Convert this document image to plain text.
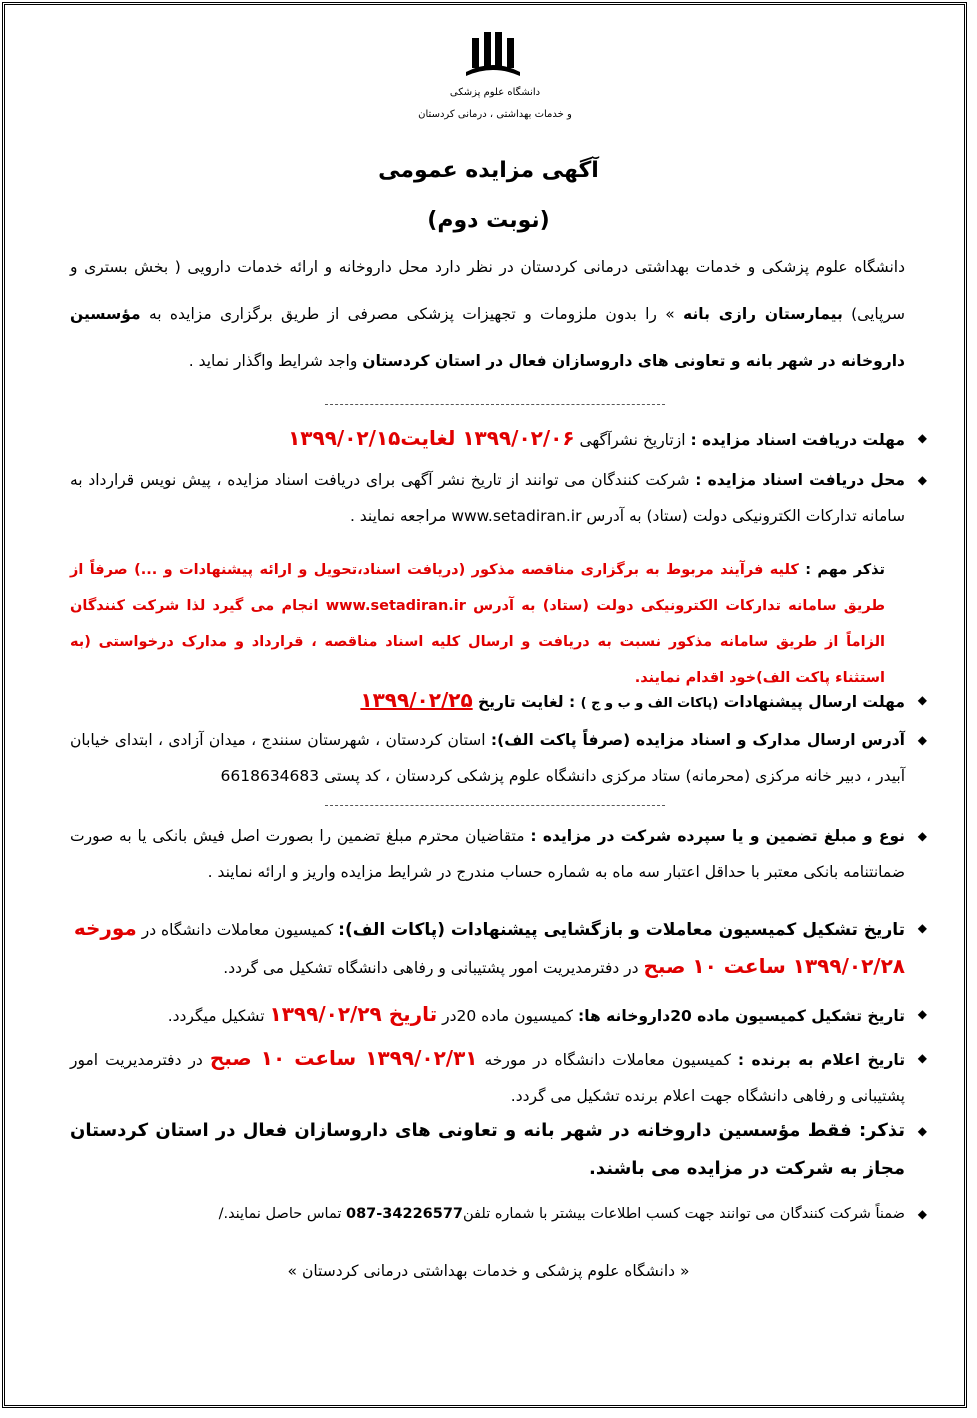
دانشگاه علوم پزشکی
و خدمات بهداشتی ، درمانی کردستان
آگهی مزایده عمومی
(نوبت دوم)
دانشگاه علوم پزشکی و خدمات بهداشتی درمانی کردستان در نظر دارد محل داروخانه و ارائه خدمات دارویی ( بخش بستری و سرپایی) بیمارستان رازی بانه » را بدون ملزومات و تجهیزات پزشکی مصرفی از طریق برگزاری مزایده به مؤسسین داروخانه در شهر بانه و تعاونی های داروسازان فعال در استان کردستان واجد شرایط واگذار نماید .
◆
مهلت دریافت اسناد مزایده : ازتاریخ نشرآگهی ۱۳۹۹/۰۲/۰۶ لغایت۱۳۹۹/۰۲/۱۵
◆
محل دریافت اسناد مزایده : شرکت کنندگان می توانند از تاریخ نشر آگهی برای دریافت اسناد مزایده ، پیش نویس قرارداد به سامانه تدارکات الکترونیکی دولت (ستاد) به آدرس www.setadiran.ir مراجعه نمایند .
تذکر مهم : کلیه فرآیند مربوط به برگزاری مناقصه مذکور (دریافت اسناد،تحویل و ارائه پیشنهادات و ...) صرفاً از طریق سامانه تدارکات الکترونیکی دولت (ستاد) به آدرس www.setadiran.ir انجام می گیرد لذا شرکت کنندگان الزاماً از طریق سامانه مذکور نسبت به دریافت و ارسال کلیه اسناد مناقصه ، قرارداد و مدارک درخواستی (به استثناء پاکت الف)خود اقدام نمایند.
◆
مهلت ارسال پیشنهادات (پاکات الف و ب و ج ) : لغایت تاریخ ۱۳۹۹/۰۲/۲۵
◆
آدرس ارسال مدارک و اسناد مزایده (صرفاً پاکت الف): استان کردستان ، شهرستان سنندج ، میدان آزادی ، ابتدای خیابان آبیدر ، دبیر خانه مرکزی (محرمانه) ستاد مرکزی دانشگاه علوم پزشکی کردستان ، کد پستی 6618634683
◆
نوع و مبلغ تضمین و یا سپرده شرکت در مزایده : متقاضیان محترم مبلغ تضمین را بصورت اصل فیش بانکی یا به صورت ضمانتنامه بانکی معتبر با حداقل اعتبار سه ماه به شماره حساب مندرج در شرایط مزایده واریز و ارائه نمایند .
◆
تاریخ تشکیل کمیسیون معاملات و بازگشایی پیشنهادات (پاکات الف): کمیسیون معاملات دانشگاه در مورخه
۱۳۹۹/۰۲/۲۸ ساعت ۱۰ صبح در دفترمدیریت امور پشتیبانی و رفاهی دانشگاه تشکیل می گردد.
◆
تاریخ تشکیل کمیسیون ماده 20داروخانه ها: کمیسیون ماده 20در تاریخ ۱۳۹۹/۰۲/۲۹ تشکیل میگردد.
◆
تاریخ اعلام به برنده : کمیسیون معاملات دانشگاه در مورخه ۱۳۹۹/۰۲/۳۱ ساعت ۱۰ صبح در دفترمدیریت امور پشتیبانی و رفاهی دانشگاه جهت اعلام برنده تشکیل می گردد.
◆
تذکر: فقط مؤسسین داروخانه در شهر بانه و تعاونی های داروسازان فعال در استان کردستان مجاز به شرکت در مزایده می باشند.
◆
ضمناً شرکت کنندگان می توانند جهت کسب اطلاعات بیشتر با شماره تلفن34226577-087 تماس حاصل نمایند./
« دانشگاه علوم پزشکی و خدمات بهداشتی درمانی کردستان »
